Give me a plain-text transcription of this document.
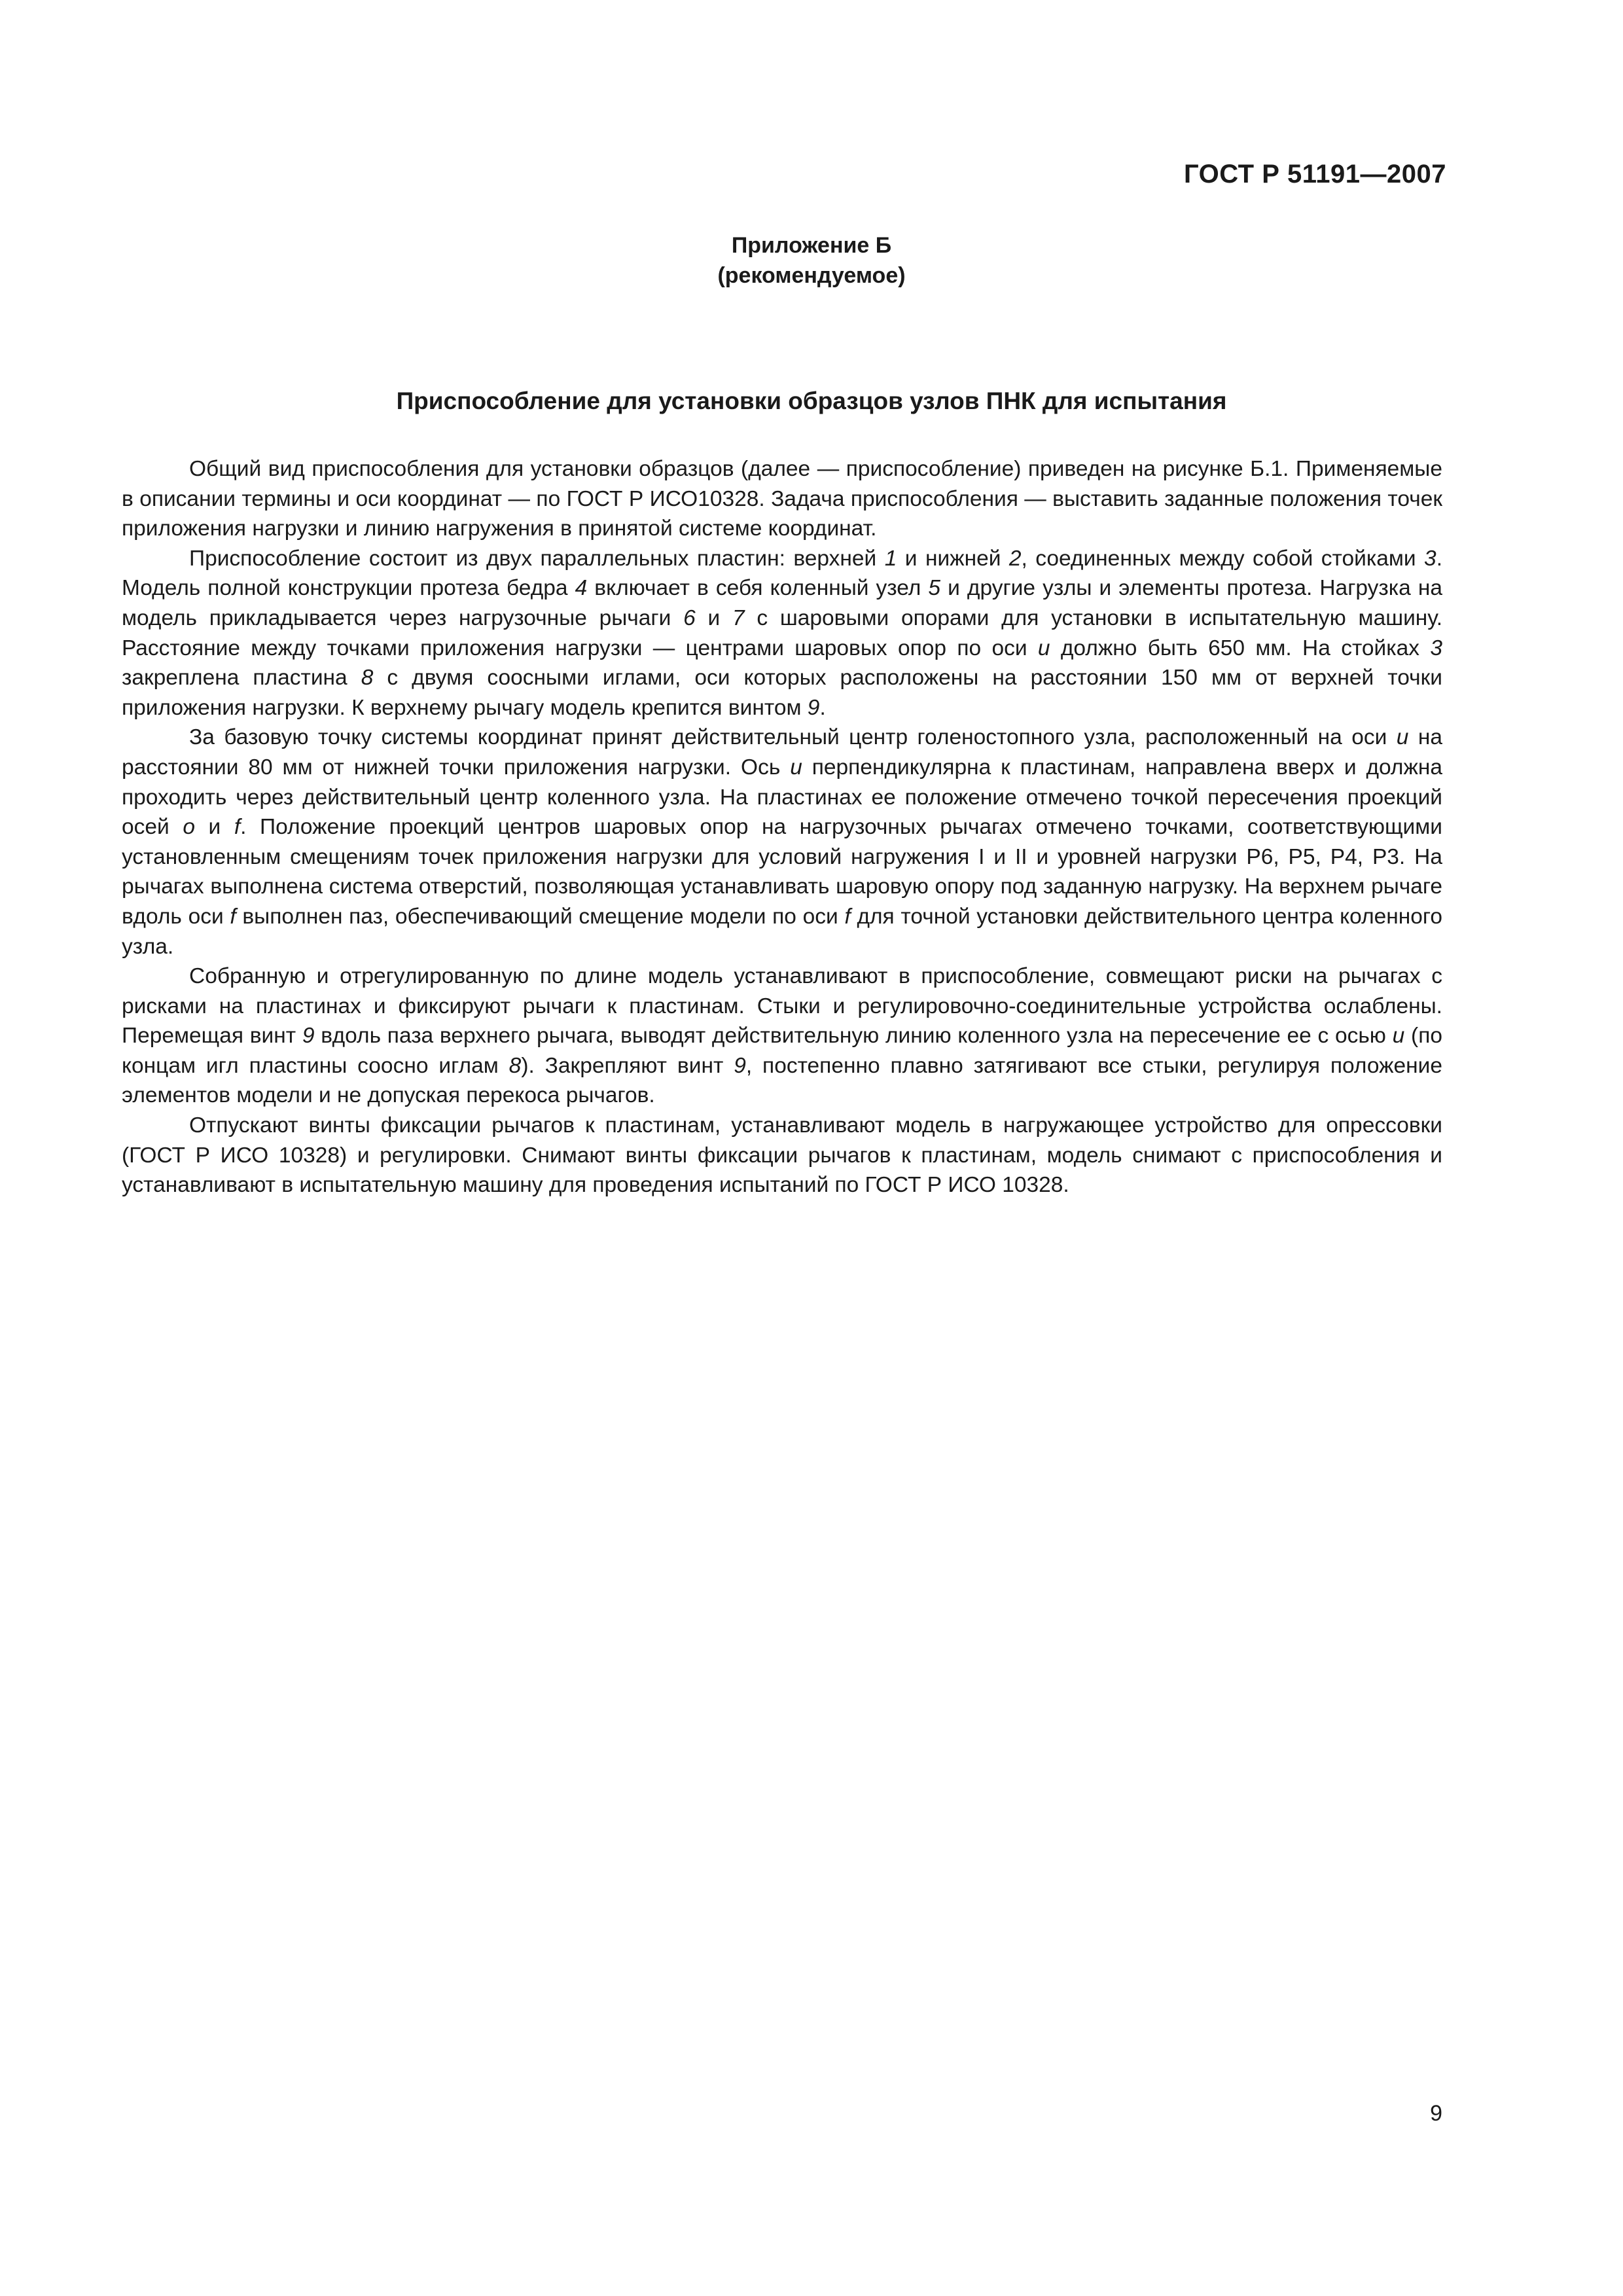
ГОСТ Р 51191—2007
Приложение Б
(рекомендуемое)
Приспособление для установки образцов узлов ПНК для испытания

Общий вид приспособления для установки образцов (далее — приспособление) приведен на рисунке Б.1. Применяемые в описании термины и оси координат — по ГОСТ Р ИСО10328. Задача приспособления — выставить заданные положения точек приложения нагрузки и линию нагружения в принятой системе координат.

Приспособление состоит из двух параллельных пластин: верхней 1 и нижней 2, соединенных между собой стойками 3. Модель полной конструкции протеза бедра 4 включает в себя коленный узел 5 и другие узлы и элементы протеза. Нагрузка на модель прикладывается через нагрузочные рычаги 6 и 7 с шаровыми опорами для установки в испытательную машину. Расстояние между точками приложения нагрузки — центрами шаровых опор по оси u должно быть 650 мм. На стойках 3 закреплена пластина 8 с двумя соосными иглами, оси которых расположены на расстоянии 150 мм от верхней точки приложения нагрузки. К верхнему рычагу модель крепится винтом 9.

За базовую точку системы координат принят действительный центр голеностопного узла, расположенный на оси u на расстоянии 80 мм от нижней точки приложения нагрузки. Ось u перпендикулярна к пластинам, направлена вверх и должна проходить через действительный центр коленного узла. На пластинах ее положение отмечено точкой пересечения проекций осей o и f. Положение проекций центров шаровых опор на нагрузочных рычагах отмечено точками, соответствующими установленным смещениям точек приложения нагрузки для условий нагружения I и II и уровней нагрузки Р6, Р5, Р4, Р3. На рычагах выполнена система отверстий, позволяющая устанавливать шаровую опору под заданную нагрузку. На верхнем рычаге вдоль оси f выполнен паз, обеспечивающий смещение модели по оси f для точной установки действительного центра коленного узла.

Собранную и отрегулированную по длине модель устанавливают в приспособление, совмещают риски на рычагах с рисками на пластинах и фиксируют рычаги к пластинам. Стыки и регулировочно-соединительные устройства ослаблены. Перемещая винт 9 вдоль паза верхнего рычага, выводят действительную линию коленного узла на пересечение ее с осью u (по концам игл пластины соосно иглам 8). Закрепляют винт 9, постепенно плавно затягивают все стыки, регулируя положение элементов модели и не допуская перекоса рычагов.

Отпускают винты фиксации рычагов к пластинам, устанавливают модель в нагружающее устройство для опрессовки (ГОСТ Р ИСО 10328) и регулировки. Снимают винты фиксации рычагов к пластинам, модель снимают с приспособления и устанавливают в испытательную машину для проведения испытаний по ГОСТ Р ИСО 10328.

9
